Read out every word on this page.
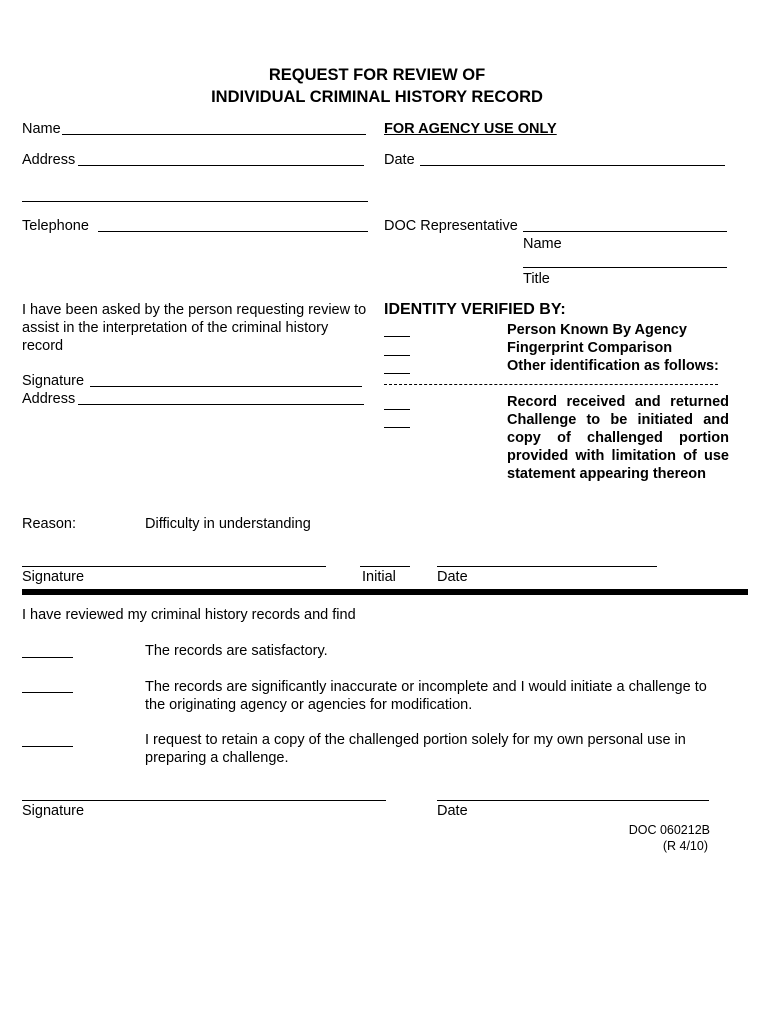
REQUEST FOR REVIEW OF
INDIVIDUAL CRIMINAL HISTORY RECORD
Name
Address
Telephone
FOR AGENCY USE ONLY
Date
DOC Representative
Name
Title
I have been asked by the person requesting review to assist in the interpretation of the criminal history record
Signature
Address
IDENTITY VERIFIED BY:
Person Known By Agency
Fingerprint Comparison
Other identification as follows:
Record received and returned Challenge to be initiated and copy of challenged portion provided with limitation of use statement appearing thereon
Reason:	Difficulty in understanding
Signature	Initial	Date
I have reviewed my criminal history records and find
The records are satisfactory.
The records are significantly inaccurate or incomplete and I would initiate a challenge to the originating agency or agencies for modification.
I request to retain a copy of the challenged portion solely for my own personal use in preparing a challenge.
Signature	Date
DOC 060212B
(R 4/10)
